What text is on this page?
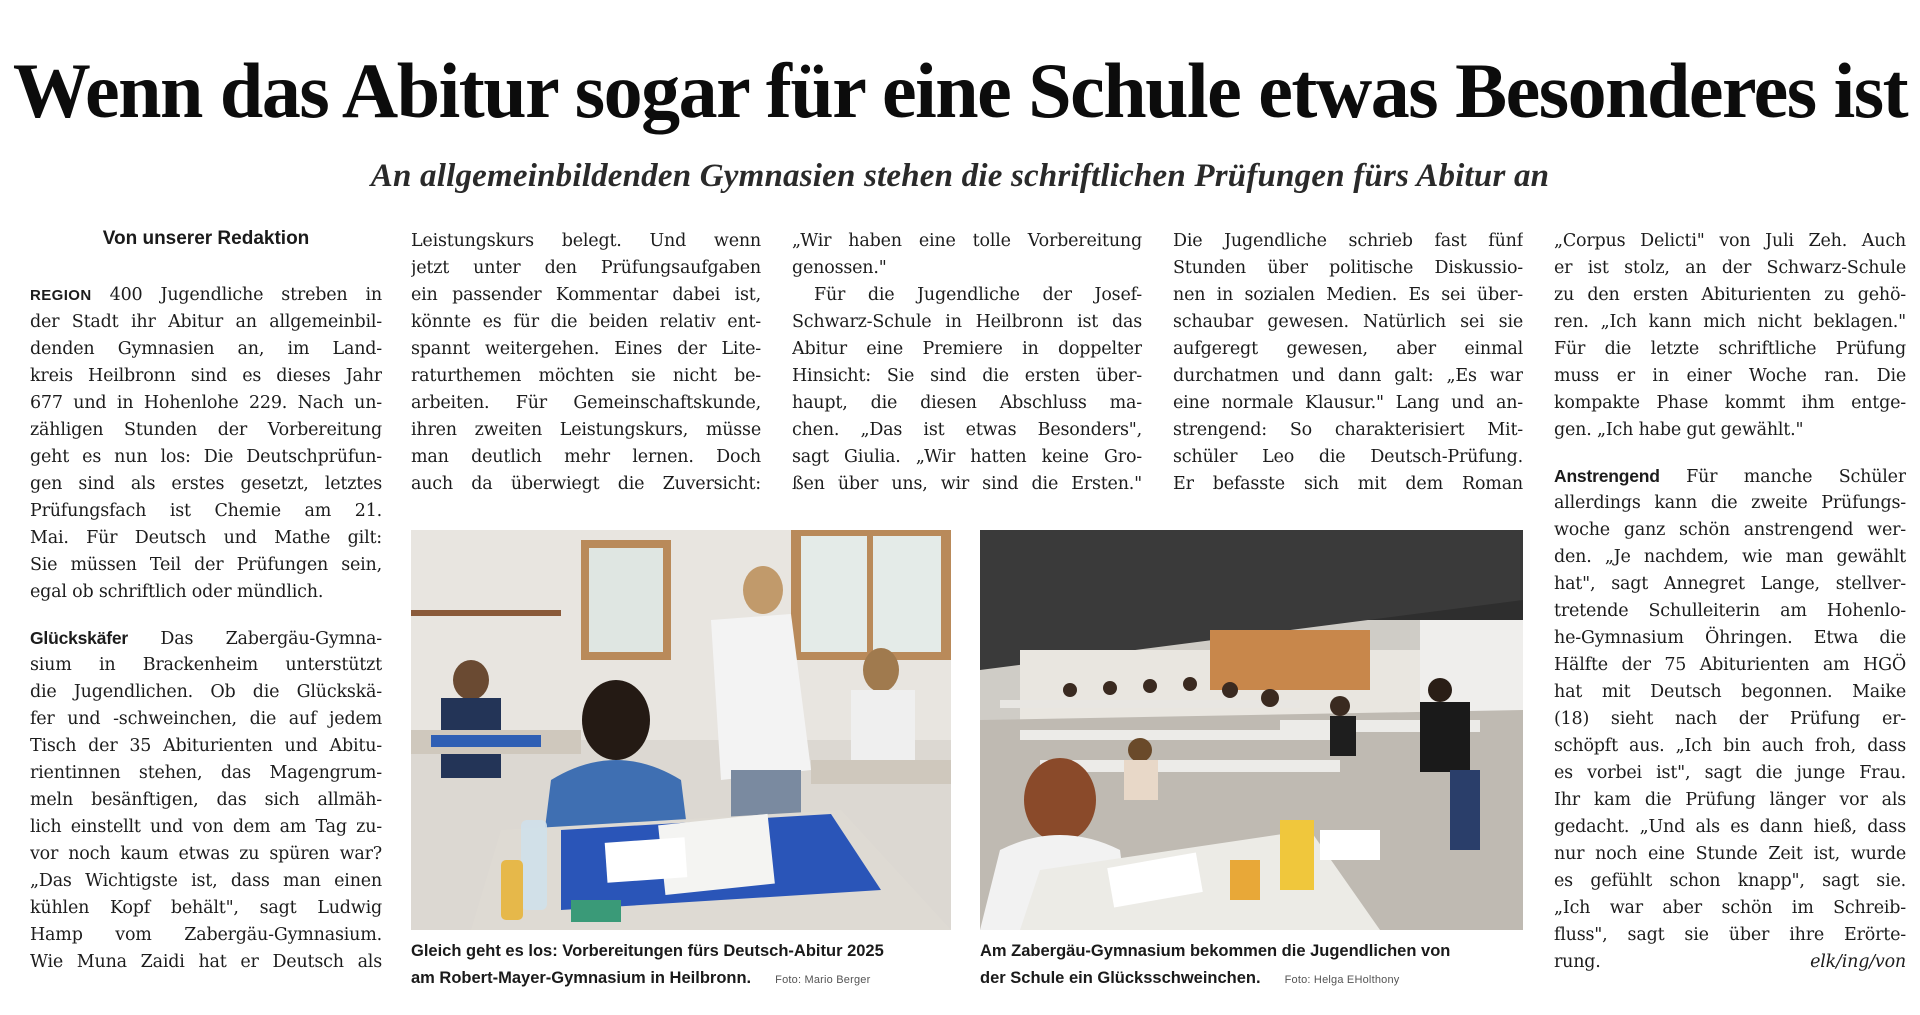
Wenn das Abitur sogar für eine Schule etwas Besonderes ist
An allgemeinbildenden Gymnasien stehen die schriftlichen Prüfungen fürs Abitur an
Von unserer Redaktion
REGION 400 Jugendliche streben in
der Stadt ihr Abitur an allgemeinbil-
denden Gymnasien an, im Land-
kreis Heilbronn sind es dieses Jahr
677 und in Hohenlohe 229. Nach un-
zähligen Stunden der Vorbereitung
geht es nun los: Die Deutschprüfun-
gen sind als erstes gesetzt, letztes
Prüfungsfach ist Chemie am 21.
Mai. Für Deutsch und Mathe gilt:
Sie müssen Teil der Prüfungen sein,
egal ob schriftlich oder mündlich.
Glückskäfer Das Zabergäu-Gymna-
sium in Brackenheim unterstützt
die Jugendlichen. Ob die Glückskä-
fer und -schweinchen, die auf jedem
Tisch der 35 Abiturienten und Abitu-
rientinnen stehen, das Magengrum-
meln besänftigen, das sich allmäh-
lich einstellt und von dem am Tag zu-
vor noch kaum etwas zu spüren war?
„Das Wichtigste ist, dass man einen
kühlen Kopf behält", sagt Ludwig
Hamp vom Zabergäu-Gymnasium.
Wie Muna Zaidi hat er Deutsch als
Leistungskurs belegt. Und wenn
jetzt unter den Prüfungsaufgaben
ein passender Kommentar dabei ist,
könnte es für die beiden relativ ent-
spannt weitergehen. Eines der Lite-
raturthemen möchten sie nicht be-
arbeiten. Für Gemeinschaftskunde,
ihren zweiten Leistungskurs, müsse
man deutlich mehr lernen. Doch
auch da überwiegt die Zuversicht:
„Wir haben eine tolle Vorbereitung
genossen."
Für die Jugendliche der Josef-
Schwarz-Schule in Heilbronn ist das
Abitur eine Premiere in doppelter
Hinsicht: Sie sind die ersten über-
haupt, die diesen Abschluss ma-
chen. „Das ist etwas Besonders",
sagt Giulia. „Wir hatten keine Gro-
ßen über uns, wir sind die Ersten."
Die Jugendliche schrieb fast fünf
Stunden über politische Diskussio-
nen in sozialen Medien. Es sei über-
schaubar gewesen. Natürlich sei sie
aufgeregt gewesen, aber einmal
durchatmen und dann galt: „Es war
eine normale Klausur." Lang und an-
strengend: So charakterisiert Mit-
schüler Leo die Deutsch-Prüfung.
Er befasste sich mit dem Roman
„Corpus Delicti" von Juli Zeh. Auch
er ist stolz, an der Schwarz-Schule
zu den ersten Abiturienten zu gehö-
ren. „Ich kann mich nicht beklagen."
Für die letzte schriftliche Prüfung
muss er in einer Woche ran. Die
kompakte Phase kommt ihm entge-
gen. „Ich habe gut gewählt."
Anstrengend Für manche Schüler
allerdings kann die zweite Prüfungs-
woche ganz schön anstrengend wer-
den. „Je nachdem, wie man gewählt
hat", sagt Annegret Lange, stellver-
tretende Schulleiterin am Hohenlo-
he-Gymnasium Öhringen. Etwa die
Hälfte der 75 Abiturienten am HGÖ
hat mit Deutsch begonnen. Maike
(18) sieht nach der Prüfung er-
schöpft aus. „Ich bin auch froh, dass
es vorbei ist", sagt die junge Frau.
Ihr kam die Prüfung länger vor als
gedacht. „Und als es dann hieß, dass
nur noch eine Stunde Zeit ist, wurde
es gefühlt schon knapp", sagt sie.
„Ich war aber schön im Schreib-
fluss", sagt sie über ihre Erörte-
rung.	elk/ing/von
Gleich geht es los: Vorbereitungen fürs Deutsch-Abitur 2025
am Robert-Mayer-Gymnasium in Heilbronn. Foto: Mario Berger
Am Zabergäu-Gymnasium bekommen die Jugendlichen von
der Schule ein Glücksschweinchen. Foto: Helga EHolthony
